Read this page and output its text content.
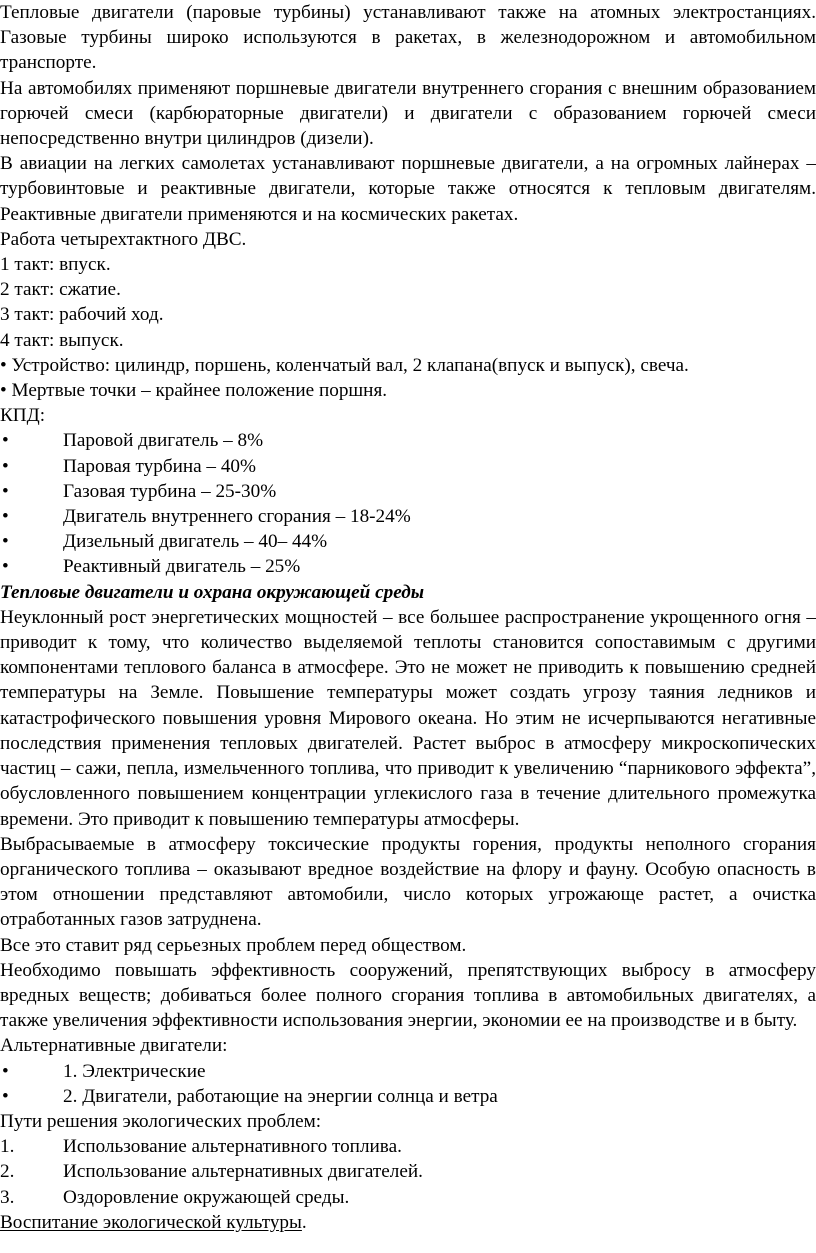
Тепловые двигатели (паровые турбины) устанавливают также на атомных электростанциях. Газовые турбины широко используются в ракетах, в железнодорожном и автомобильном транспорте.

На автомобилях применяют поршневые двигатели внутреннего сгорания с внешним образованием горючей смеси (карбюраторные двигатели) и двигатели с образованием горючей смеси непосредственно внутри цилиндров (дизели).

В авиации на легких самолетах устанавливают поршневые двигатели, а на огромных лайнерах – турбовинтовые и реактивные двигатели, которые также относятся к тепловым двигателям. Реактивные двигатели применяются и на космических ракетах.

Работа четырехтактного ДВС.

1 такт: впуск.

2 такт: сжатие.

3 такт: рабочий ход.

4 такт: выпуск.

• Устройство: цилиндр, поршень, коленчатый вал, 2 клапана(впуск и выпуск), свеча.

• Мертвые точки – крайнее положение поршня.

КПД:

•	Паровой двигатель – 8%
•	Паровая турбина – 40%
•	Газовая турбина – 25-30%
•	Двигатель внутреннего сгорания – 18-24%
•	Дизельный двигатель – 40– 44%
•	Реактивный двигатель – 25%

Тепловые двигатели и охрана окружающей среды

Неуклонный рост энергетических мощностей – все большее распространение укрощенного огня – приводит к тому, что количество выделяемой теплоты становится сопоставимым с другими компонентами теплового баланса в атмосфере. Это не может не приводить к повышению средней температуры на Земле. Повышение температуры может создать угрозу таяния ледников и катастрофического повышения уровня Мирового океана. Но этим не исчерпываются негативные последствия применения тепловых двигателей. Растет выброс в атмосферу микроскопических частиц – сажи, пепла, измельченного топлива, что приводит к увеличению “парникового эффекта”, обусловленного повышением концентрации углекислого газа в течение длительного промежутка времени. Это приводит к повышению температуры атмосферы.

Выбрасываемые в атмосферу токсические продукты горения, продукты неполного сгорания органического топлива – оказывают вредное воздействие на флору и фауну. Особую опасность в этом отношении представляют автомобили, число которых угрожающе растет, а очистка отработанных газов затруднена.

Все это ставит ряд серьезных проблем перед обществом.

Необходимо повышать эффективность сооружений, препятствующих выбросу в атмосферу вредных веществ; добиваться более полного сгорания топлива в автомобильных двигателях, а также увеличения эффективности использования энергии, экономии ее на производстве и в быту.

Альтернативные двигатели:

•	1. Электрические
•	2. Двигатели, работающие на энергии солнца и ветра

Пути решения экологических проблем:

1.	Использование альтернативного топлива.
2.	Использование альтернативных двигателей.
3.	Оздоровление окружающей среды.

Воспитание экологической культуры.
